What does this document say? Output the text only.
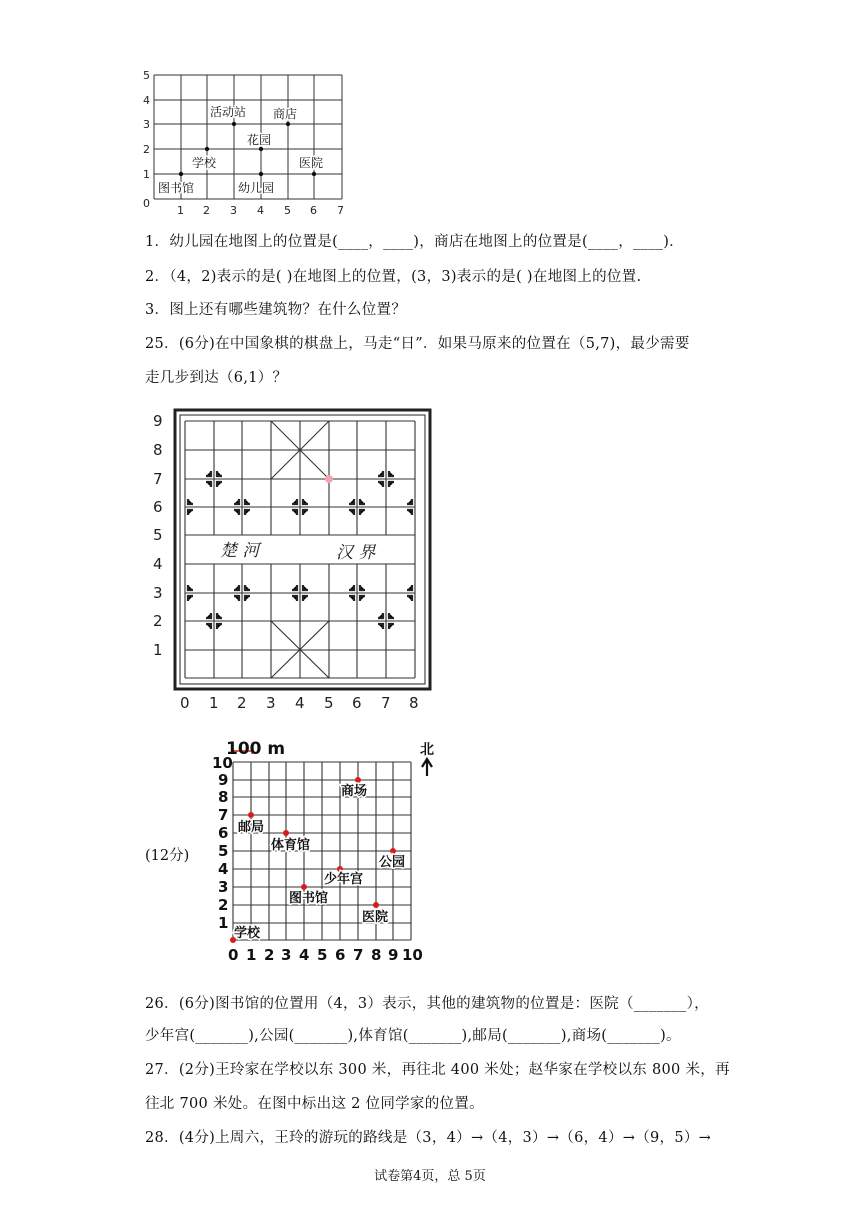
5
4
3
2
1
0
1 2 3 4 5 6 7
活动站 商店
花园
学校	医院
图书馆	幼儿园
1．幼儿园在地图上的位置是(____，____)，商店在地图上的位置是(____，____)．
2．（4，2)表示的是( )在地图上的位置，(3，3)表示的是( )在地图上的位置.
3．图上还有哪些建筑物？在什么位置？
25．(6分)在中国象棋的棋盘上，马走“日”．如果马原来的位置在（5,7)，最少需要
走几步到达（6,1）？
楚 河	汉 界
9
8
7
6
5
4
3
2
1
0 1 2 3 4 5 6 7 8
(12分)
100 m	北
商场
邮局
体育馆
公园
少年宫
图书馆
医院
学校
10
9
8
7
6
5
4
3
2
1
0 1 2 3 4 5 6 7 8 9 10
26．(6分)图书馆的位置用（4，3）表示，其他的建筑物的位置是：医院（_______），
少年宫(_______),公园(_______),体育馆(_______),邮局(_______),商场(_______)。
27．(2分)王玲家在学校以东 300 米，再往北 400 米处；赵华家在学校以东 800 米，再
往北 700 米处。在图中标出这 2 位同学家的位置。
28．(4分)上周六，王玲的游玩的路线是（3，4）→（4，3）→（6，4）→（9，5）→
试卷第4页，总 5页
